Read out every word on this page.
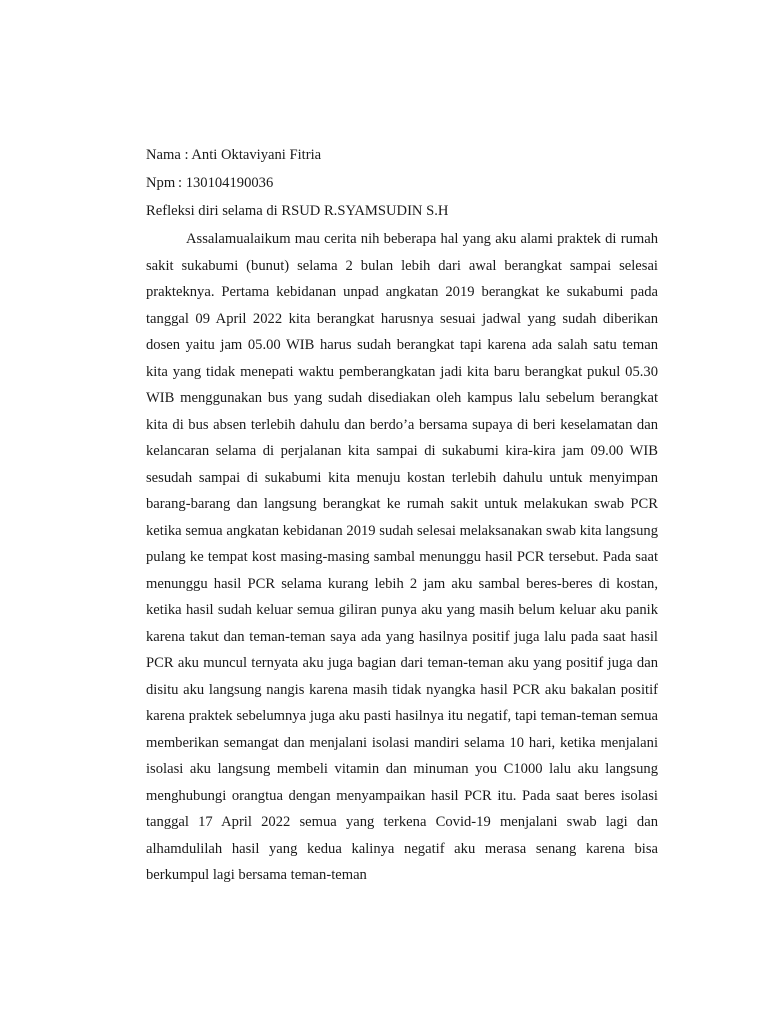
Nama : Anti Oktaviyani Fitria

Npm : 130104190036

Refleksi diri selama di RSUD R.SYAMSUDIN S.H

Assalamualaikum mau cerita nih beberapa hal yang aku alami praktek di rumah sakit sukabumi (bunut) selama 2 bulan lebih dari awal berangkat sampai selesai prakteknya. Pertama kebidanan unpad angkatan 2019 berangkat ke sukabumi pada tanggal 09 April 2022 kita berangkat harusnya sesuai jadwal yang sudah diberikan dosen yaitu jam 05.00 WIB harus sudah berangkat tapi karena ada salah satu teman kita yang tidak menepati waktu pemberangkatan jadi kita baru berangkat pukul 05.30 WIB menggunakan bus yang sudah disediakan oleh kampus lalu sebelum berangkat kita di bus absen terlebih dahulu dan berdo’a bersama supaya di beri keselamatan dan kelancaran selama di perjalanan kita sampai di sukabumi kira-kira jam 09.00 WIB sesudah sampai di sukabumi kita menuju kostan terlebih dahulu untuk menyimpan barang-barang dan langsung berangkat ke rumah sakit untuk melakukan swab PCR ketika semua angkatan kebidanan 2019 sudah selesai melaksanakan swab kita langsung pulang ke tempat kost masing-masing sambal menunggu hasil PCR tersebut. Pada saat menunggu hasil PCR selama kurang lebih 2 jam aku sambal beres-beres di kostan, ketika hasil sudah keluar semua giliran punya aku yang masih belum keluar aku panik karena takut dan teman-teman saya ada yang hasilnya positif juga lalu pada saat hasil PCR aku muncul ternyata aku juga bagian dari teman-teman aku yang positif juga dan disitu aku langsung nangis karena masih tidak nyangka hasil PCR aku bakalan positif karena praktek sebelumnya juga aku pasti hasilnya itu negatif, tapi teman-teman semua memberikan semangat dan menjalani isolasi mandiri selama 10 hari, ketika menjalani isolasi aku langsung membeli vitamin dan minuman you C1000 lalu aku langsung menghubungi orangtua dengan menyampaikan hasil PCR itu. Pada saat beres isolasi tanggal 17 April 2022 semua yang terkena Covid-19 menjalani swab lagi dan alhamdulilah hasil yang kedua kalinya negatif aku merasa senang karena bisa berkumpul lagi bersama teman-teman
